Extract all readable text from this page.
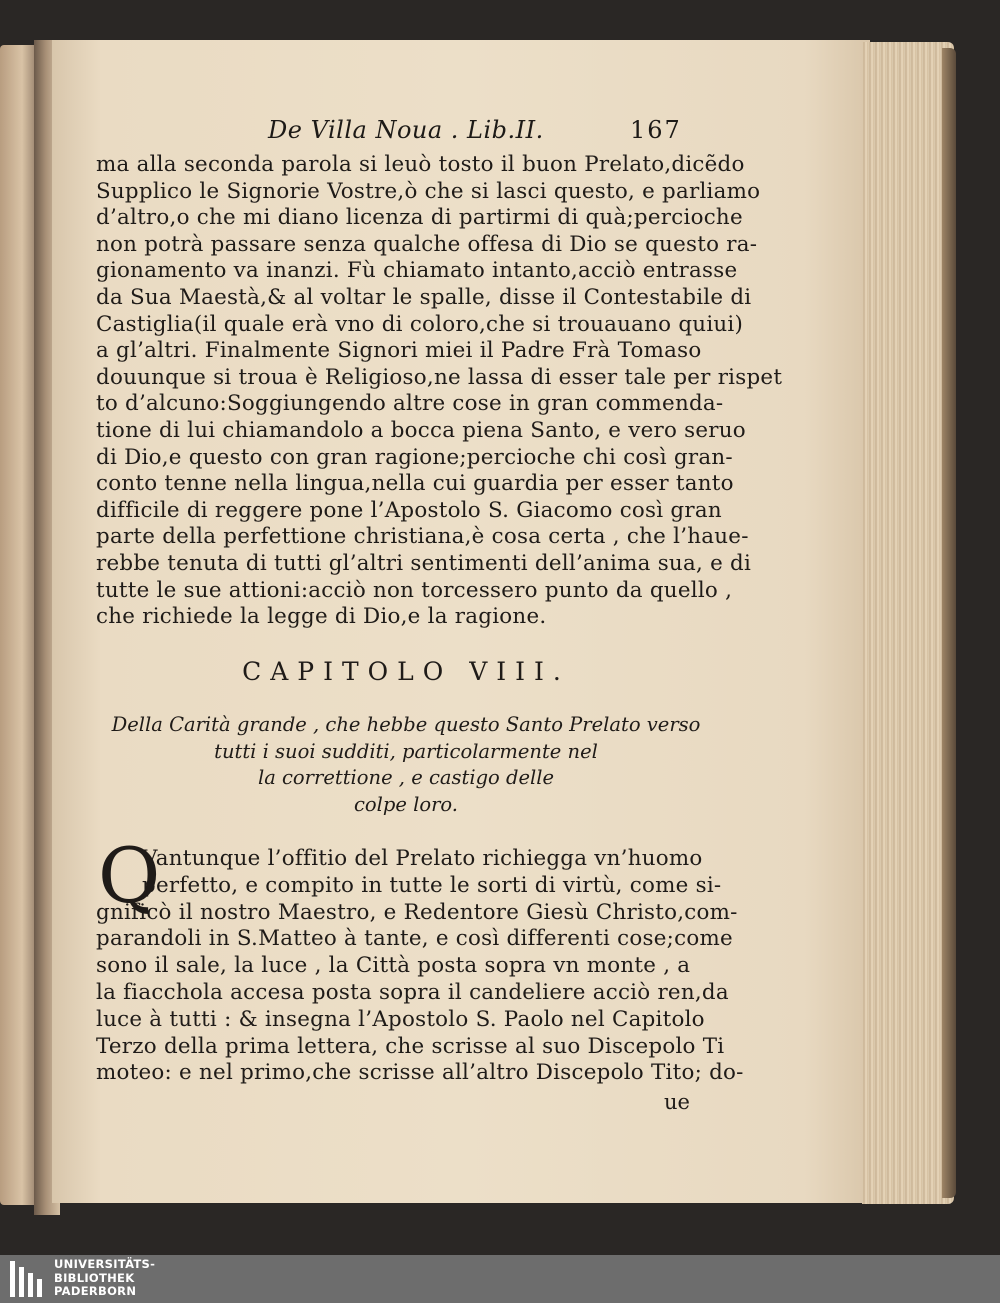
De Villa Noua . Lib.II.	167
ma alla seconda parola si leuò tosto il buon Prelato,dicẽdo
Supplico le Signorie Vostre,ò che si lasci questo, e parliamo
d’altro,o che mi diano licenza di partirmi di quà;percioche
non potrà passare senza qualche offesa di Dio se questo ra-
gionamento va inanzi. Fù chiamato intanto,acciò entrasse
da Sua Maestà,& al voltar le spalle, disse il Contestabile di
Castiglia(il quale erà vno di coloro,che si trouauano quiui)
a gl’altri. Finalmente Signori miei il Padre Frà Tomaso
douunque si troua è Religioso,ne lassa di esser tale per rispet
to d’alcuno:Soggiungendo altre cose in gran commenda-
tione di lui chiamandolo a bocca piena Santo, e vero seruo
di Dio,e questo con gran ragione;percioche chi così gran-
conto tenne nella lingua,nella cui guardia per esser tanto
difficile di reggere pone l’Apostolo S. Giacomo così gran
parte della perfettione christiana,è cosa certa , che l’haue-
rebbe tenuta di tutti gl’altri sentimenti dell’anima sua, e di
tutte le sue attioni:acciò non torcessero punto da quello ,
che richiede la legge di Dio,e la ragione.
CAPITOLO VIII.
Della Carità grande , che hebbe questo Santo Prelato verso
tutti i suoi sudditi, particolarmente nel
la correttione , e castigo delle
colpe loro.
Q
Vantunque l’offitio del Prelato richiegga vn’huomo
perfetto, e compito in tutte le sorti di virtù, come si-
gnificò il nostro Maestro, e Redentore Giesù Christo,com-
parandoli in S.Matteo à tante, e così differenti cose;come
sono il sale, la luce , la Città posta sopra vn monte , a
la fiacchola accesa posta sopra il candeliere acciò ren,da
luce à tutti : & insegna l’Apostolo S. Paolo nel Capitolo
Terzo della prima lettera, che scrisse al suo Discepolo Ti
moteo: e nel primo,che scrisse all’altro Discepolo Tito; do-
ue
UNIVERSITÄTS-
BIBLIOTHEK
PADERBORN
